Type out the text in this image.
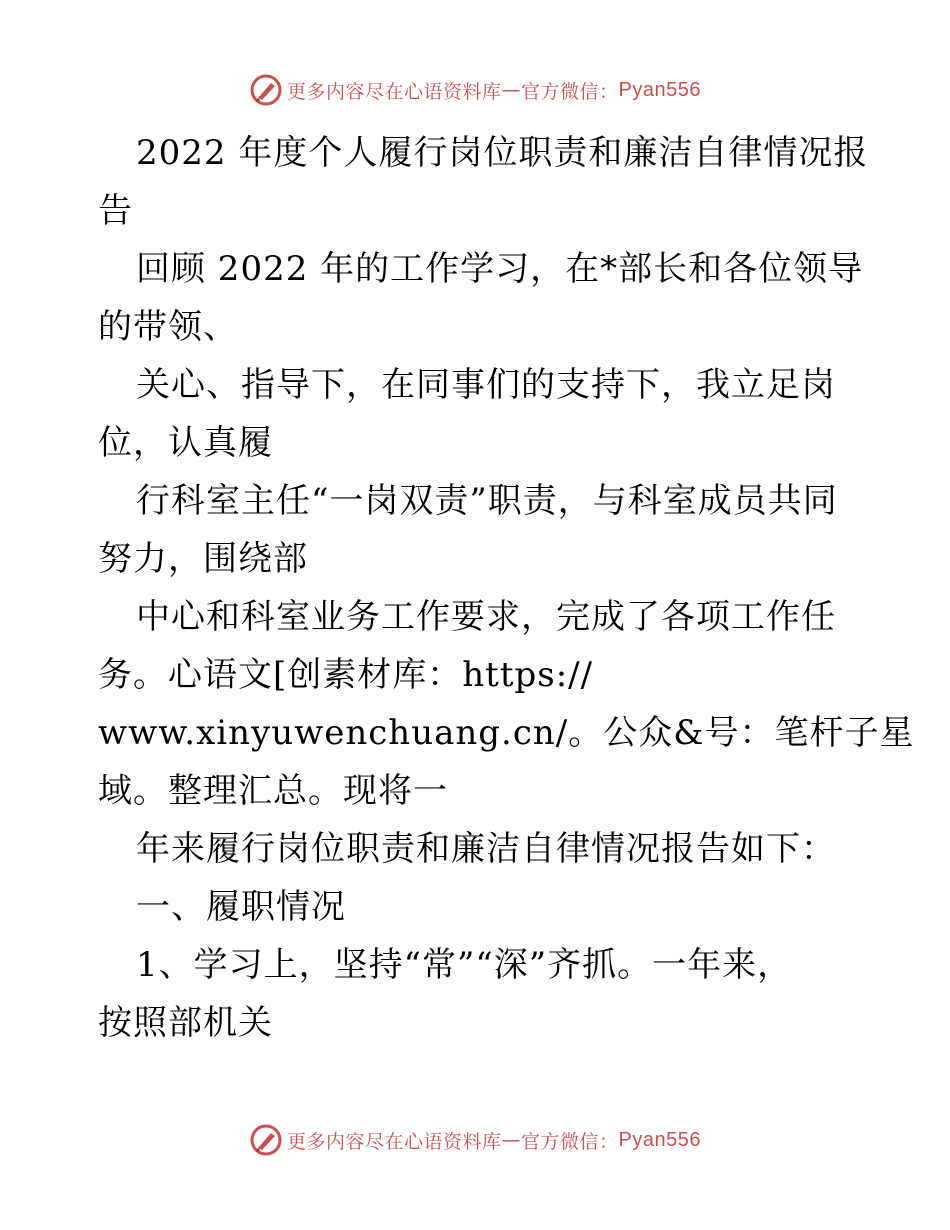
更多内容尽在心语资料库 — 官方微信： Pyan556
2022 年度个人履行岗位职责和廉洁自律情况报
告
回顾 2022 年的工作学习，在*部长和各位领导
的带领、
关心、指导下，在同事们的支持下，我立足岗
位，认真履
行科室主任“一岗双责”职责，与科室成员共同
努力，围绕部
中心和科室业务工作要求，完成了各项工作任
务。心语文[创素材库：https://
www.xinyuwenchuang.cn/。公众&号：笔杆子星
域。整理汇总。现将一
年来履行岗位职责和廉洁自律情况报告如下：
一、履职情况
1、学习上，坚持“常”“深”齐抓。一年来，
按照部机关
更多内容尽在心语资料库 — 官方微信： Pyan556
